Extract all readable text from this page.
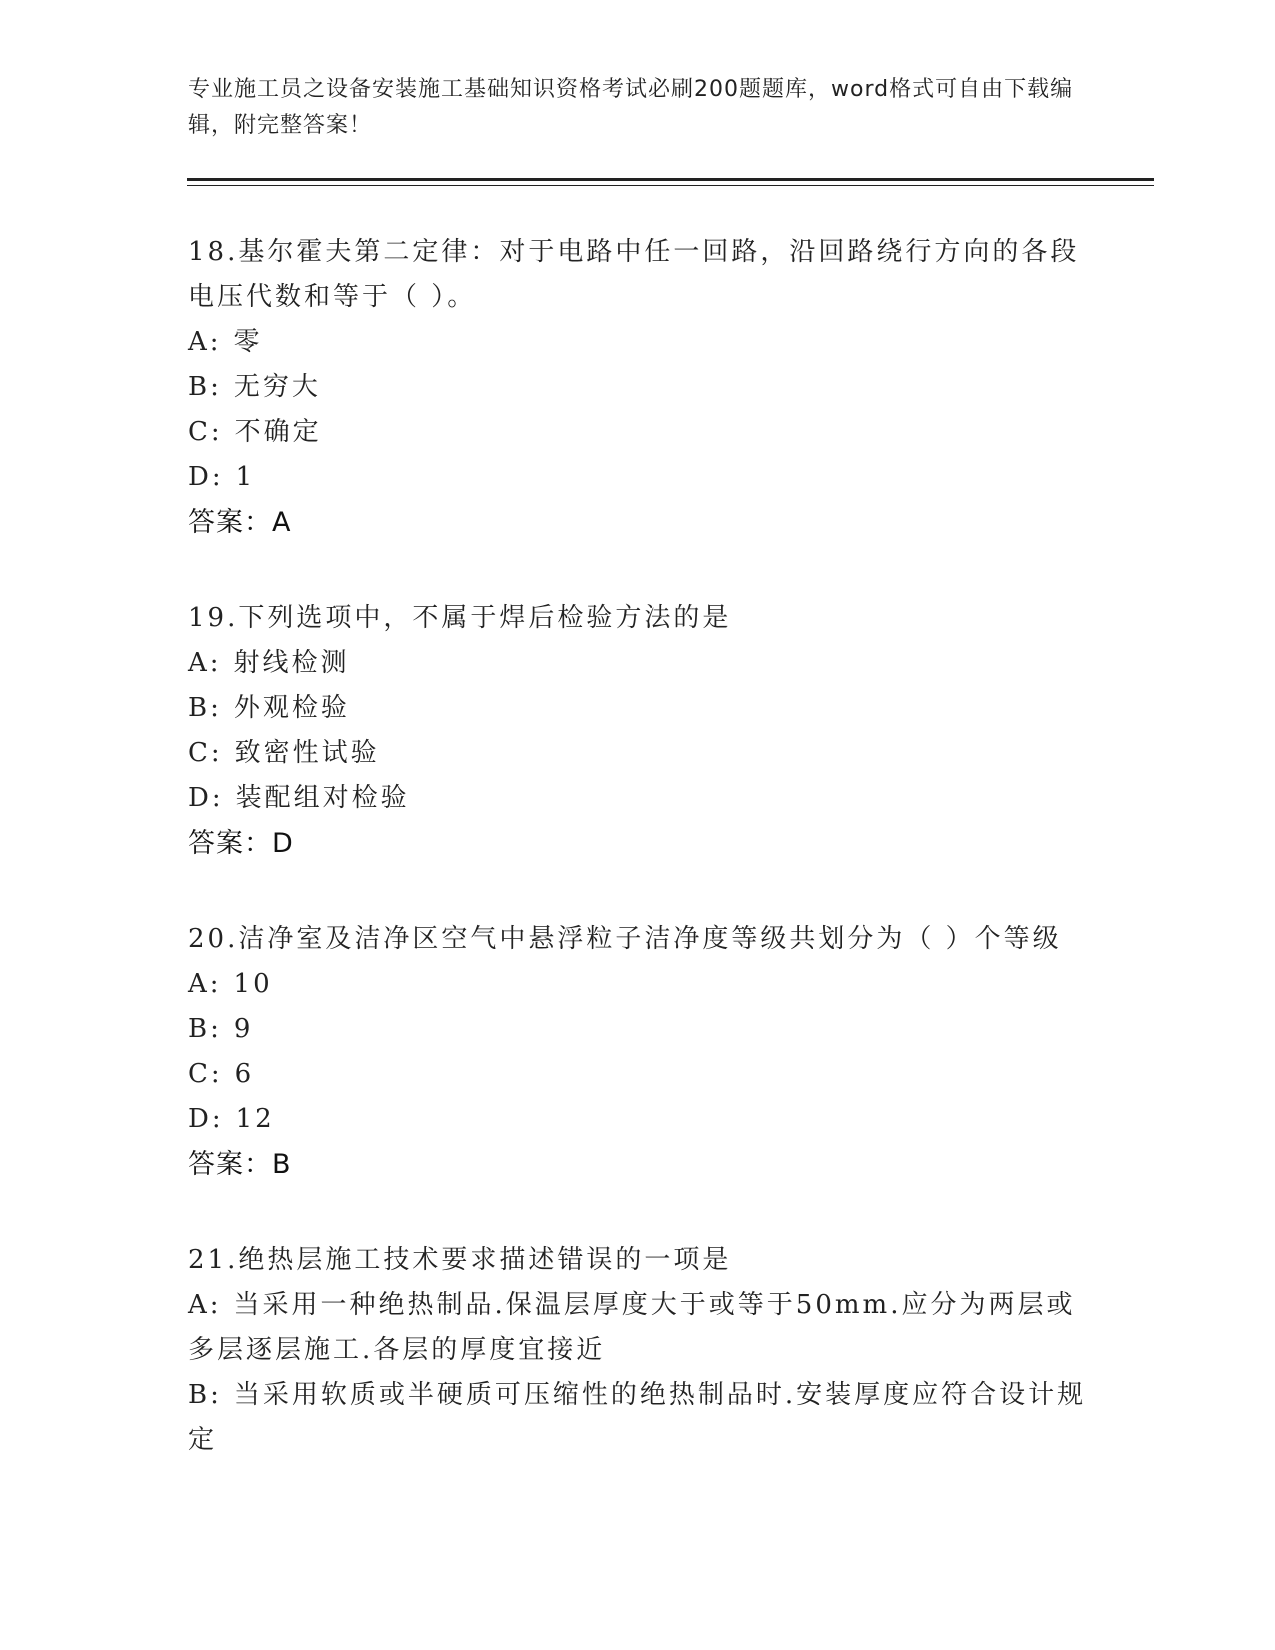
专业施工员之设备安装施工基础知识资格考试必刷200题题库，word格式可自由下载编辑，附完整答案！

18.基尔霍夫第二定律：对于电路中任一回路，沿回路绕行方向的各段电压代数和等于（ ）。

A: 零

B: 无穷大

C: 不确定

D: 1

答案：A

19.下列选项中，不属于焊后检验方法的是

A: 射线检测

B: 外观检验

C: 致密性试验

D: 装配组对检验

答案：D

20.洁净室及洁净区空气中悬浮粒子洁净度等级共划分为（ ）个等级

A: 10

B: 9

C: 6

D: 12

答案：B

21.绝热层施工技术要求描述错误的一项是

A: 当采用一种绝热制品.保温层厚度大于或等于50mm.应分为两层或多层逐层施工.各层的厚度宜接近

B: 当采用软质或半硬质可压缩性的绝热制品时.安装厚度应符合设计规定
